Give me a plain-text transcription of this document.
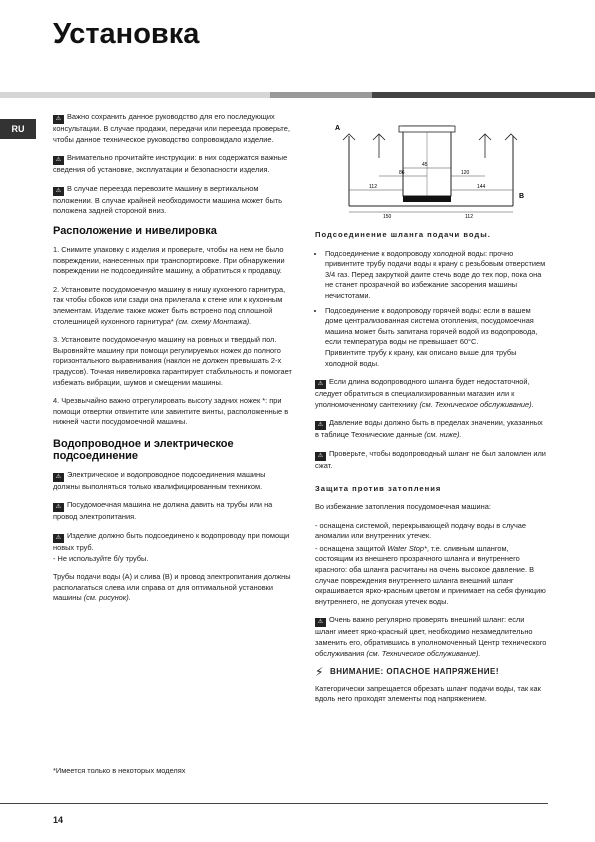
Установка
RU

⚠Важно сохранить данное руководство для его последующих консультации. В случае продажи, передачи или переезда проверьте, чтобы данное техническое руководство сопровождало изделие.

⚠Внимательно прочитайте инструкции: в них содержатся важные сведения об установке, эксплуатации и безопасности изделия.

⚠В случае переезда перевозите машину в вертикальном положении. В случае крайней необходимости машина может быть положена задней стороной вниз.

Расположение и нивелировка

1. Снимите упаковку с изделия и проверьте, чтобы на нем не было повреждении, нанесенных при транспортировке. При обнаружении повреждении не подсоединяйте машину, а обратиться к продавцу.

2. Установите посудомоечную машину в нишу кухонного гарнитура, так чтобы сбоков или сзади она прилегала к стене или к кухонным элементам. Изделие также может быть встроено под сплошной столешницей кухонного гарнитура* (см. схему Монтажа).

3. Установите посудомоечную машину на ровных и твердый пол. Выровняйте машину при помощи регулируемых ножек до полного горизонтального выравнивания (наклон не должен превышать 2-х градусов). Точная нивелировка гарантирует стабильность и помогает избежать вибрации, шумов и смещении машины.

4. Чрезвычайно важно отрегулировать высоту задних ножек *: при помощи отвертки отвинтите или завинтите винты, расположенные в нижней части посудомоечной машины.

Водопроводное и электрическое подсоединение

⚠Электрическое и водопроводное подсоединения машины должны выполняться только квалифицированным техником.

⚠Посудомоечная машина не должна давить на трубы или на провод электропитания.

⚠Изделие должно быть подсоединено к водопроводу при помощи новых труб.
- Не используйте б/у трубы.

Трубы подачи воды (А) и слива (В) и провод электропитания должны располагаться слева или справа от для оптимальной установки машины (см. рисунок).

A
B
45
86	120
112	144
150	112
Подсоединение шланга подачи воды.
• Подсоединение к водопроводу холодной воды: прочно привинтите трубу подачи воды к крану с резьбовым отверстием 3/4 газ. Перед закруткой даите стечь воде до тех пор, пока она не станет прозрачной во избежание засорения машины нечистотами.
• Подсоединение к водопроводу горячей воды: если в вашем доме централизованная система отопления, посудомоечная машина может быть запитана горячей водой из водопровода, если температура воды не превышает 60°С.
Привинтите трубу к крану, как описано выше для трубы холодной воды.

⚠Если длина водопроводного шланга будет недостаточной, следует обратиться в специализированныи магазин или к уполномоченному сантехнику (см. Техническое обслуживание).

⚠Давление воды должно быть в пределах значении, указанных в таблице Технические данные (см. ниже).

⚠Проверьте, чтобы водопроводный шланг не был заломлен или сжат.

Защита против затопления

Во избежание затопления посудомоечная машина:

- оснащена системой, перекрывающей подачу воды в случае аномалии или внутренних утечек.

- оснащена защитой Water Stop*, т.е. сливным шлангом, состоящим из внешнего прозрачного шланга и внутреннего красного: оба шланга расчитаны на очень высокое давление. В случае повреждения внутреннего шланга внешний шланг окрашивается ярко-красным цветом и принимает на себя функцию внутреннего, не допуская утечек воды.

⚠Очень важно регулярно проверять внешний шланг: если шланг имеет ярко-красный цвет, необходимо незамедлительно заменить его, обратившись в уполномоченный Центр технического обслуживания (см. Техническое обслуживание).

⚡ ВНИМАНИЕ: ОПАСНОЕ НАПРЯЖЕНИЕ!

Категорически запрещается обрезать шланг подачи воды, так как вдоль него проходят элементы под напряжением.

*Имеется только в некоторых моделях
14
